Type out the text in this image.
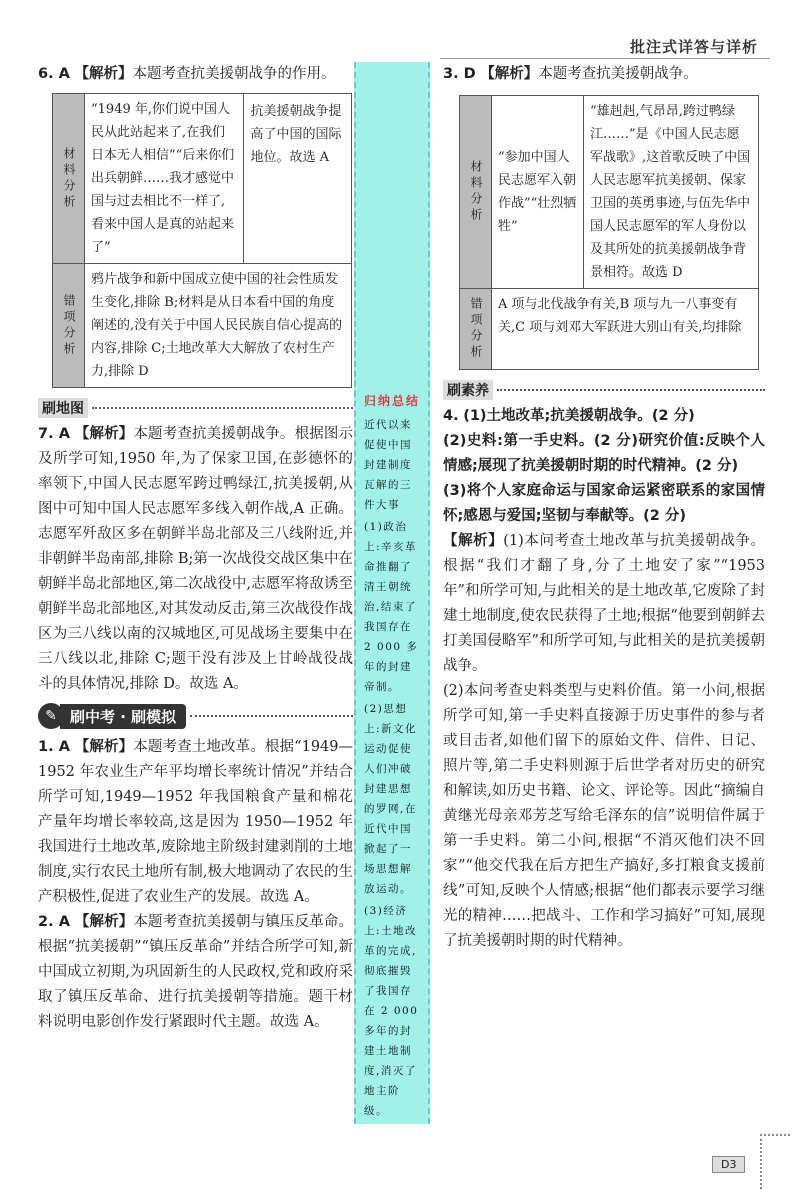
批注式详答与详析
6. A 【解析】本题考查抗美援朝战争的作用。
材料分析
“1949 年,你们说中国人民从此站起来了,在我们日本无人相信”“后来你们出兵朝鲜……我才感觉中国与过去相比不一样了,看来中国人是真的站起来了”
抗美援朝战争提高了中国的国际地位。故选 A
错项分析
鸦片战争和新中国成立使中国的社会性质发生变化,排除 B;材料是从日本看中国的角度阐述的,没有关于中国人民民族自信心提高的内容,排除 C;土地改革大大解放了农村生产力,排除 D
刷地图
7. A 【解析】本题考查抗美援朝战争。根据图示及所学可知,1950 年,为了保家卫国,在彭德怀的率领下,中国人民志愿军跨过鸭绿江,抗美援朝,从图中可知中国人民志愿军多线入朝作战,A 正确。志愿军歼敌区多在朝鲜半岛北部及三八线附近,并非朝鲜半岛南部,排除 B;第一次战役交战区集中在朝鲜半岛北部地区,第二次战役中,志愿军将敌诱至朝鲜半岛北部地区,对其发动反击,第三次战役作战区为三八线以南的汉城地区,可见战场主要集中在三八线以北,排除 C;题干没有涉及上甘岭战役战斗的具体情况,排除 D。故选 A。
✎ 刷中考 · 刷模拟
1. A 【解析】本题考查土地改革。根据“1949—1952 年农业生产年平均增长率统计情况”并结合所学可知,1949—1952 年我国粮食产量和棉花产量年均增长率较高,这是因为 1950—1952 年我国进行土地改革,废除地主阶级封建剥削的土地制度,实行农民土地所有制,极大地调动了农民的生产积极性,促进了农业生产的发展。故选 A。
2. A 【解析】本题考查抗美援朝与镇压反革命。根据“抗美援朝”“镇压反革命”并结合所学可知,新中国成立初期,为巩固新生的人民政权,党和政府采取了镇压反革命、进行抗美援朝等措施。题干材料说明电影创作发行紧跟时代主题。故选 A。
归纳总结

近代以来促使中国封建制度瓦解的三件大事

(1)政治上:辛亥革命推翻了清王朝统治,结束了我国存在 2 000 多年的封建帝制。

(2)思想上:新文化运动促使人们冲破封建思想的罗网,在近代中国掀起了一场思想解放运动。

(3)经济上:土地改革的完成,彻底摧毁了我国存在 2 000 多年的封建土地制度,消灭了地主阶级。

3. D 【解析】本题考查抗美援朝战争。
材料分析
“参加中国人民志愿军入朝作战”“壮烈牺牲”
“雄赳赳,气昂昂,跨过鸭绿江……”是《中国人民志愿军战歌》,这首歌反映了中国人民志愿军抗美援朝、保家卫国的英勇事迹,与伍先华中国人民志愿军的军人身份以及其所处的抗美援朝战争背景相符。故选 D
错项分析	A 项与北伐战争有关,B 项与九一八事变有关,C 项与刘邓大军跃进大别山有关,均排除
刷素养
4. (1)土地改革;抗美援朝战争。(2 分)
(2)史料:第一手史料。(2 分)研究价值:反映个人情感;展现了抗美援朝时期的时代精神。(2 分)
(3)将个人家庭命运与国家命运紧密联系的家国情怀;感恩与爱国;坚韧与奉献等。(2 分)
【解析】(1)本问考查土地改革与抗美援朝战争。根据“我们才翻了身,分了土地安了家”“1953 年”和所学可知,与此相关的是土地改革,它废除了封建土地制度,使农民获得了土地;根据“他要到朝鲜去打美国侵略军”和所学可知,与此相关的是抗美援朝战争。
(2)本问考查史料类型与史料价值。第一小问,根据所学可知,第一手史料直接源于历史事件的参与者或目击者,如他们留下的原始文件、信件、日记、照片等,第二手史料则源于后世学者对历史的研究和解读,如历史书籍、论文、评论等。因此“摘编自黄继光母亲邓芳芝写给毛泽东的信”说明信件属于第一手史料。第二小问,根据“不消灭他们决不回家”“他交代我在后方把生产搞好,多打粮食支援前线”可知,反映个人情感;根据“他们都表示要学习继光的精神……把战斗、工作和学习搞好”可知,展现了抗美援朝时期的时代精神。
D3
